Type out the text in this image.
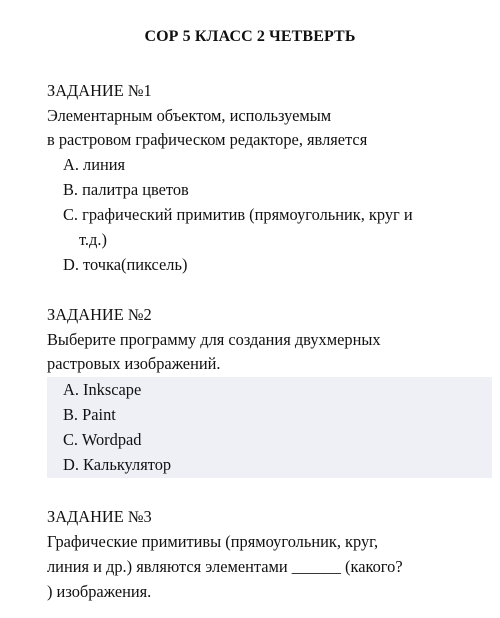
СОР 5 КЛАСС 2 ЧЕТВЕРТЬ
ЗАДАНИЕ №1
Элементарным объектом, используемым
в растровом графическом редакторе, является
A. линия
B. палитра цветов
C. графический примитив (прямоугольник, круг и
т.д.)
D. точка(пиксель)
ЗАДАНИЕ №2
Выберите программу для создания двухмерных
растровых изображений.
A. Inkscape
B. Paint
C. Wordpad
D. Калькулятор
ЗАДАНИЕ №3
Графические примитивы (прямоугольник, круг,
линия и др.) являются элементами ______ (какого?
) изображения.
